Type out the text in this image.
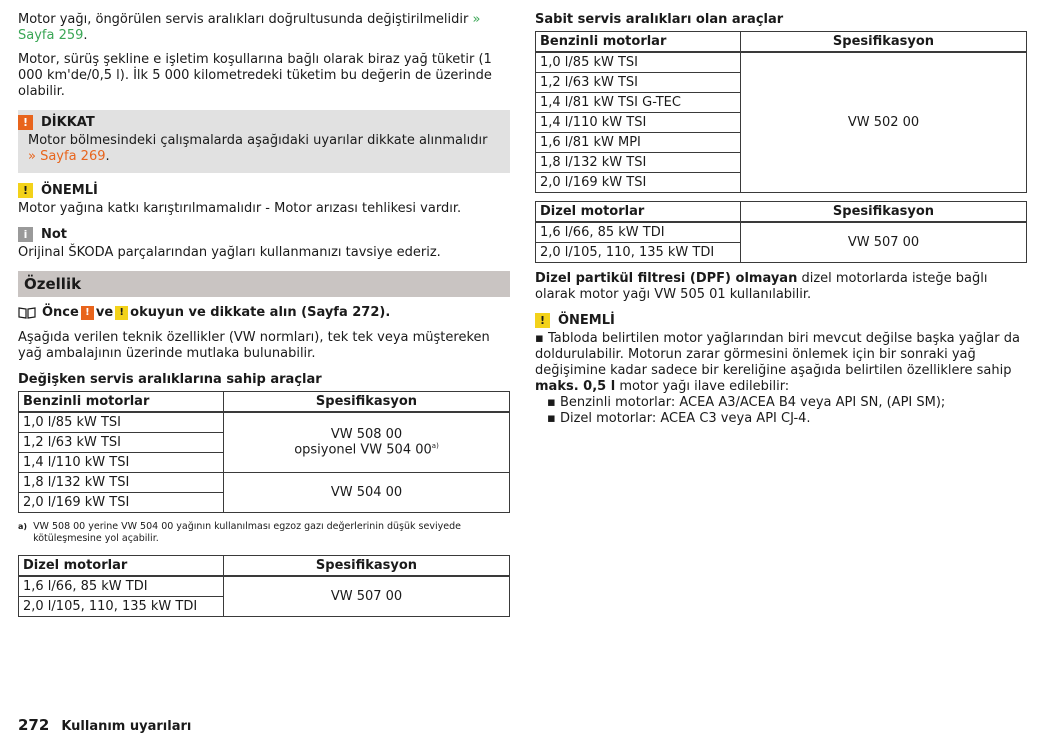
Motor yağı, öngörülen servis aralıkları doğrultusunda değiştirilmelidir » Sayfa 259.

Motor, sürüş şekline e işletim koşullarına bağlı olarak biraz yağ tüketir (1 000 km'de/0,5 l). İlk 5 000 kilometredeki tüketim bu değerin de üzerinde olabilir.

! DİKKAT

Motor bölmesindeki çalışmalarda aşağıdaki uyarılar dikkate alınmalıdır
» Sayfa 269.

! ÖNEMLİ

Motor yağına katkı karıştırılmamalıdır - Motor arızası tehlikesi vardır.

i	Not

Orijinal ŠKODA parçalarından yağları kullanmanızı tavsiye ederiz.

Özellik
Önce ! ve ! okuyun ve dikkate alın (Sayfa 272).

Aşağıda verilen teknik özellikler (VW normları), tek tek veya müştereken yağ ambalajının üzerinde mutlaka bulunabilir.

Değişken servis aralıklarına sahip araçlar
Benzinli motorlar	Spesifikasyon
1,0 l/85 kW TSI	VW 508 00
opsiyonel VW 504 00$^{a)}$
1,2 l/63 kW TSI	
1,4 l/110 kW TSI	
1,8 l/132 kW TSI	VW 504 00
2,0 l/169 kW TSI	
a) VW 508 00 yerine VW 504 00 yağının kullanılması egzoz gazı değerlerinin düşük seviyede kötüleşmesine yol açabilir.
Dizel motorlar	Spesifikasyon
1,6 l/66, 85 kW TDI	VW 507 00
2,0 l/105, 110, 135 kW TDI	
Sabit servis aralıkları olan araçlar
Benzinli motorlar	Spesifikasyon
1,0 l/85 kW TSI	VW 502 00
1,2 l/63 kW TSI	
1,4 l/81 kW TSI G-TEC	
1,4 l/110 kW TSI	
1,6 l/81 kW MPI	
1,8 l/132 kW TSI	
2,0 l/169 kW TSI	
Dizel motorlar	Spesifikasyon
1,6 l/66, 85 kW TDI	VW 507 00
2,0 l/105, 110, 135 kW TDI	

Dizel partikül filtresi (DPF) olmayan dizel motorlarda isteğe bağlı olarak motor yağı VW 505 01 kullanılabilir.

! ÖNEMLİ

▪ Tabloda belirtilen motor yağlarından biri mevcut değilse başka yağlar da doldurulabilir. Motorun zarar görmesini önlemek için bir sonraki yağ değişimine kadar sadece bir kereliğine aşağıda belirtilen özelliklere sahip maks. 0,5 l motor yağı ilave edilebilir:

▪ Benzinli motorlar: ACEA A3/ACEA B4 veya API SN, (API SM);

▪ Dizel motorlar: ACEA C3 veya API CJ-4.

272 Kullanım uyarıları
